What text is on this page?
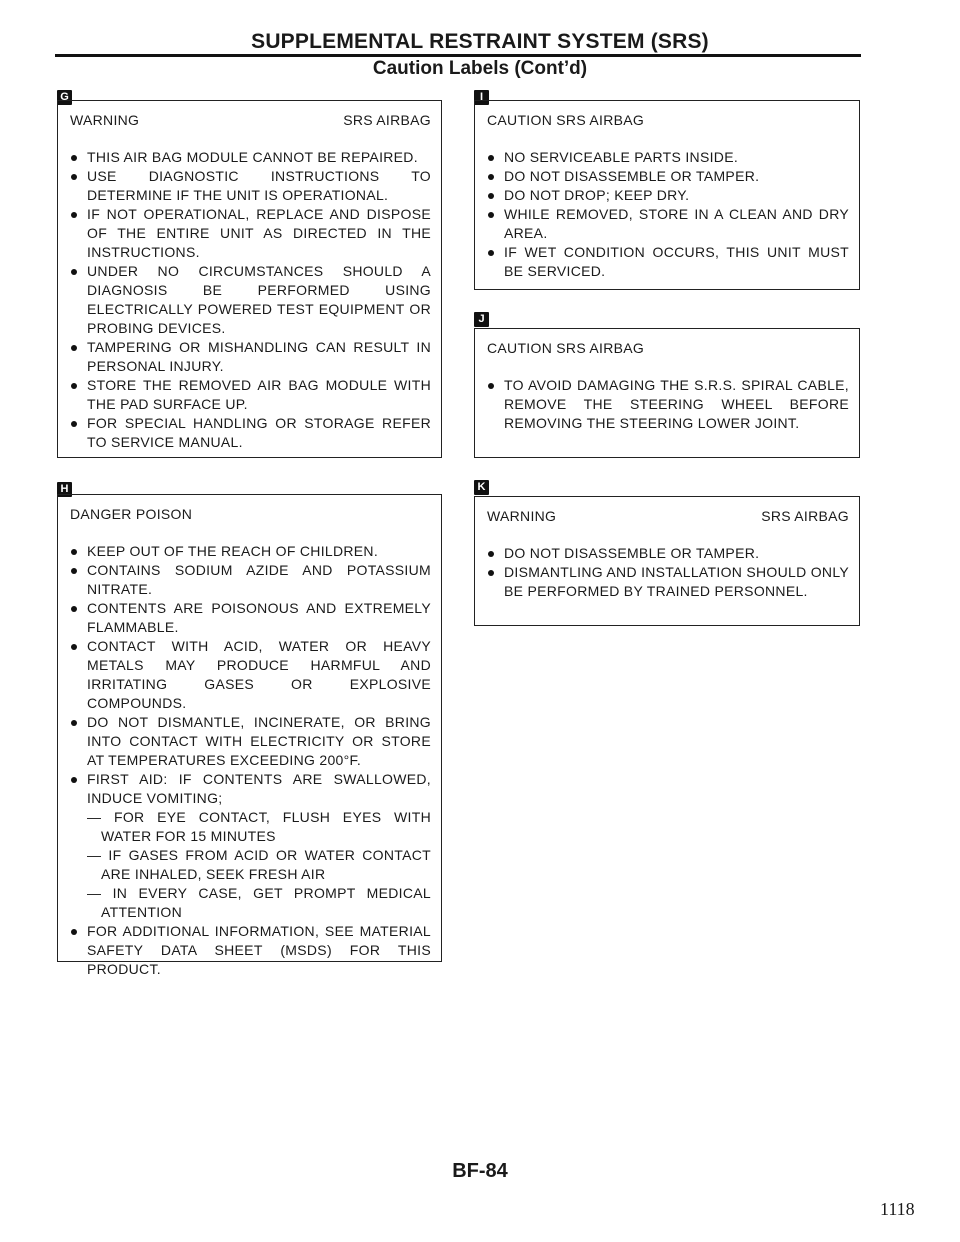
SUPPLEMENTAL RESTRAINT SYSTEM (SRS)
Caution Labels (Cont’d)
G
WARNING	SRS AIRBAG
THIS AIR BAG MODULE CANNOT BE REPAIRED.
USE DIAGNOSTIC INSTRUCTIONS TO DETERMINE IF THE UNIT IS OPERATIONAL.
IF NOT OPERATIONAL, REPLACE AND DISPOSE OF THE ENTIRE UNIT AS DIRECTED IN THE INSTRUCTIONS.
UNDER NO CIRCUMSTANCES SHOULD A DIAGNOSIS BE PERFORMED USING ELECTRICALLY POWERED TEST EQUIPMENT OR PROBING DEVICES.
TAMPERING OR MISHANDLING CAN RESULT IN PERSONAL INJURY.
STORE THE REMOVED AIR BAG MODULE WITH THE PAD SURFACE UP.
FOR SPECIAL HANDLING OR STORAGE REFER TO SERVICE MANUAL.
H
DANGER POISON
KEEP OUT OF THE REACH OF CHILDREN.
CONTAINS SODIUM AZIDE AND POTASSIUM NITRATE.
CONTENTS ARE POISONOUS AND EXTREMELY FLAMMABLE.
CONTACT WITH ACID, WATER OR HEAVY METALS MAY PRODUCE HARMFUL AND IRRITATING GASES OR EXPLOSIVE COMPOUNDS.
DO NOT DISMANTLE, INCINERATE, OR BRING INTO CONTACT WITH ELECTRICITY OR STORE AT TEMPERATURES EXCEEDING 200°F.
FIRST AID: IF CONTENTS ARE SWALLOWED, INDUCE VOMITING;
— FOR EYE CONTACT, FLUSH EYES WITH WATER FOR 15 MINUTES
— IF GASES FROM ACID OR WATER CONTACT ARE INHALED, SEEK FRESH AIR
— IN EVERY CASE, GET PROMPT MEDICAL ATTENTION
FOR ADDITIONAL INFORMATION, SEE MATERIAL SAFETY DATA SHEET (MSDS) FOR THIS PRODUCT.
I
CAUTION SRS AIRBAG
NO SERVICEABLE PARTS INSIDE.
DO NOT DISASSEMBLE OR TAMPER.
DO NOT DROP; KEEP DRY.
WHILE REMOVED, STORE IN A CLEAN AND DRY AREA.
IF WET CONDITION OCCURS, THIS UNIT MUST BE SERVICED.
J
CAUTION SRS AIRBAG
TO AVOID DAMAGING THE S.R.S. SPIRAL CABLE, REMOVE THE STEERING WHEEL BEFORE REMOVING THE STEERING LOWER JOINT.
K
WARNING	SRS AIRBAG
DO NOT DISASSEMBLE OR TAMPER.
DISMANTLING AND INSTALLATION SHOULD ONLY BE PERFORMED BY TRAINED PERSONNEL.
BF-84
1118
